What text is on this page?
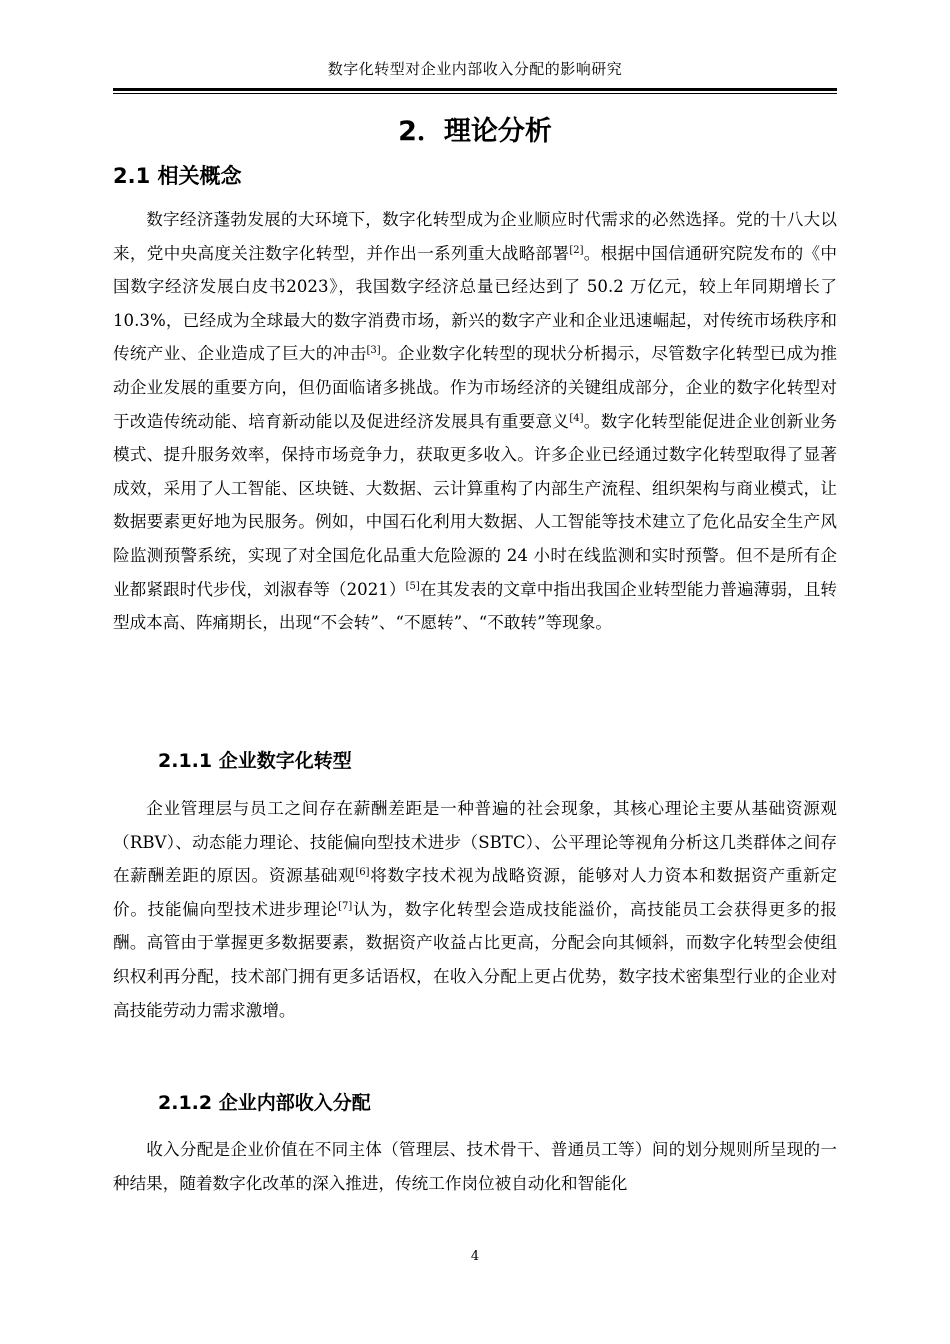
数字化转型对企业内部收入分配的影响研究
2．理论分析
2.1 相关概念

数字经济蓬勃发展的大环境下，数字化转型成为企业顺应时代需求的必然选择。党的十八大以来，党中央高度关注数字化转型，并作出一系列重大战略部署[2]。根据中国信通研究院发布的《中国数字经济发展白皮书2023》，我国数字经济总量已经达到了 50.2 万亿元，较上年同期增长了 10.3%，已经成为全球最大的数字消费市场，新兴的数字产业和企业迅速崛起，对传统市场秩序和传统产业、企业造成了巨大的冲击[3]。企业数字化转型的现状分析揭示，尽管数字化转型已成为推动企业发展的重要方向，但仍面临诸多挑战。作为市场经济的关键组成部分，企业的数字化转型对于改造传统动能、培育新动能以及促进经济发展具有重要意义[4]。数字化转型能促进企业创新业务模式、提升服务效率，保持市场竞争力，获取更多收入。许多企业已经通过数字化转型取得了显著成效，采用了人工智能、区块链、大数据、云计算重构了内部生产流程、组织架构与商业模式，让数据要素更好地为民服务。例如，中国石化利用大数据、人工智能等技术建立了危化品安全生产风险监测预警系统，实现了对全国危化品重大危险源的 24 小时在线监测和实时预警。但不是所有企业都紧跟时代步伐，刘淑春等（2021）[5]在其发表的文章中指出我国企业转型能力普遍薄弱，且转型成本高、阵痛期长，出现“不会转”、“不愿转”、“不敢转”等现象。

2.1.1 企业数字化转型

企业管理层与员工之间存在薪酬差距是一种普遍的社会现象，其核心理论主要从基础资源观（RBV）、动态能力理论、技能偏向型技术进步（SBTC）、公平理论等视角分析这几类群体之间存在薪酬差距的原因。资源基础观[6]将数字技术视为战略资源，能够对人力资本和数据资产重新定价。技能偏向型技术进步理论[7]认为，数字化转型会造成技能溢价，高技能员工会获得更多的报酬。高管由于掌握更多数据要素，数据资产收益占比更高，分配会向其倾斜，而数字化转型会使组织权利再分配，技术部门拥有更多话语权，在收入分配上更占优势，数字技术密集型行业的企业对高技能劳动力需求激增。

2.1.2 企业内部收入分配

收入分配是企业价值在不同主体（管理层、技术骨干、普通员工等）间的划分规则所呈现的一种结果，随着数字化改革的深入推进，传统工作岗位被自动化和智能化

4
